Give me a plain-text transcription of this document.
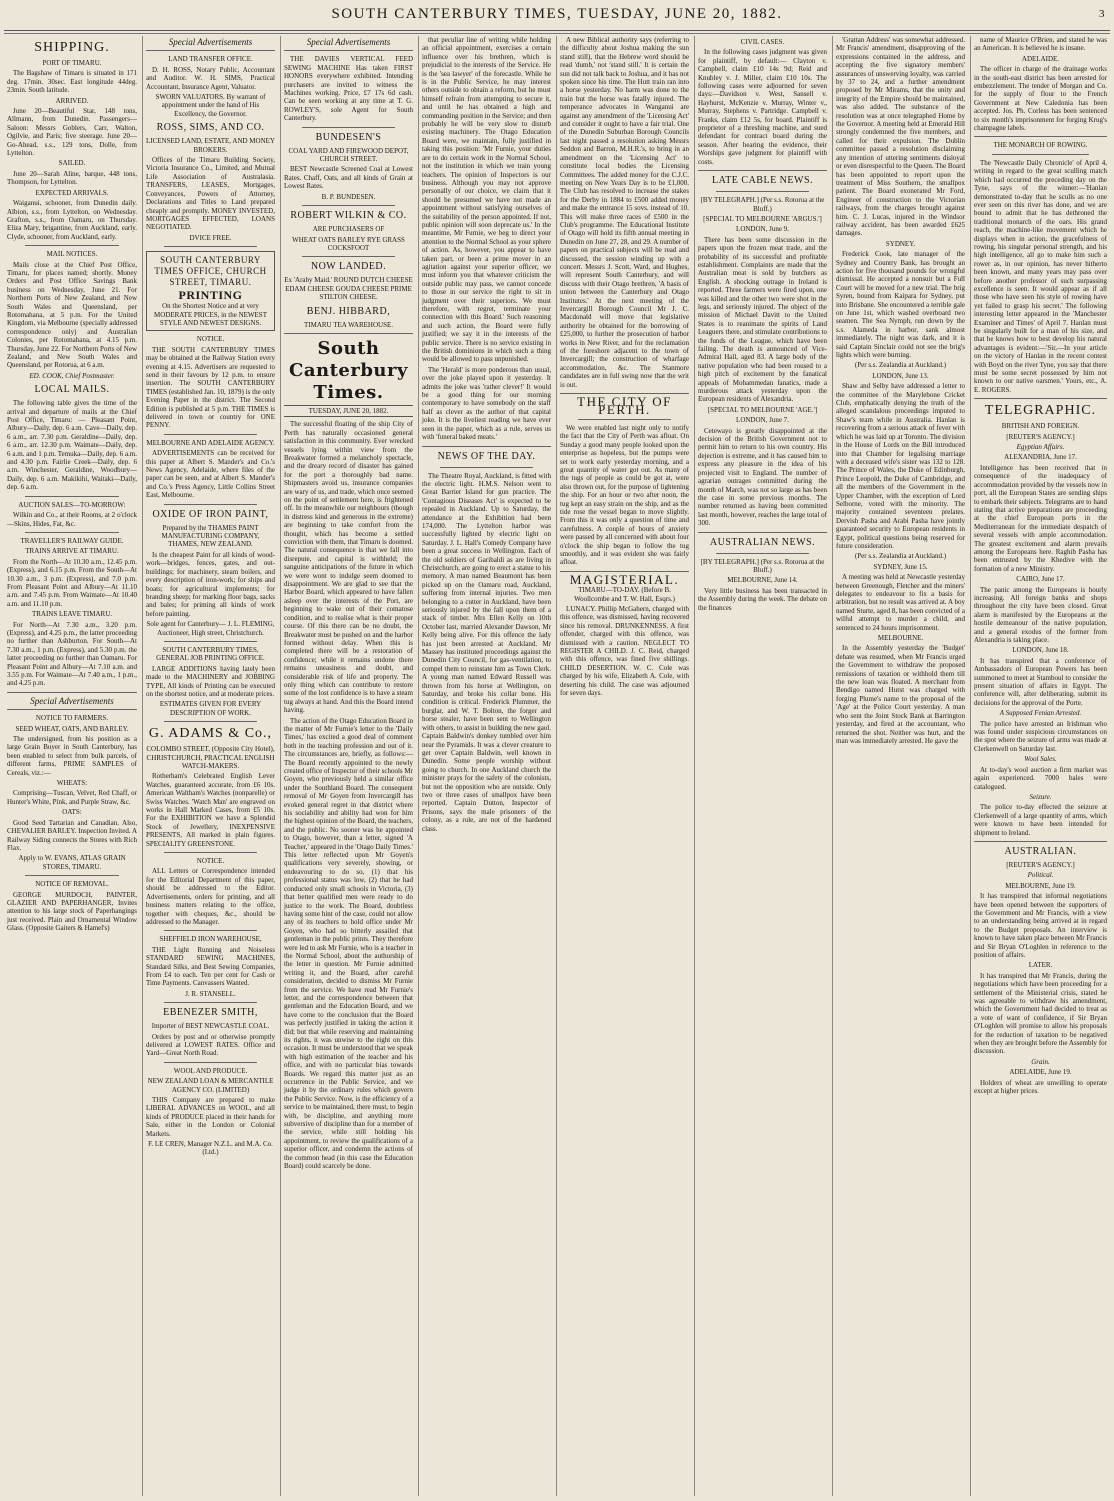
SOUTH CANTERBURY TIMES, TUESDAY, JUNE 20, 1882.	3
SHIPPING.
PORT OF TIMARU.

The Bagshaw of Timaru is situated in 171 deg. 17min. 30sec. East longitude 44deg. 23min. South latitude.

ARRIVED.

June 20—Beautiful Star, 148 tons, Allmann, from Dunedin. Passengers—Saloon: Messrs Goblers, Carr, Walton, Ogilvie, and Paris; five steerage. June 20—Go-Ahead, s.s., 129 tons, Dolle, from Lyttelton.

SAILED.

June 20—Sarah Aline, barque, 448 tons, Thompson, for Lyttelton.

EXPECTED ARRIVALS.

Waiganui, schooner, from Dunedin daily. Albion, s.s., from Lyttelton, on Wednesday. Grafton, s.s., from Oamaru, on Thursday. Eliza Mary, brigantine, from Auckland, early. Clyde, schooner, from Auckland, early.

MAIL NOTICES.

Mails close at the Chief Post Office, Timaru, for places named; shortly. Money Orders and Post Office Savings Bank business on Wednesday, June 21. For Northern Ports of New Zealand, and New South Wales and Queensland, per Rotomahana, at 5 p.m. For the United Kingdom, via Melbourne (specially addressed correspondence only) and Australian Colonies, per Rotomahana, at 4.15 p.m. Thursday, June 22. For Northern Ports of New Zealand, and New South Wales and Queensland, per Rotorua, at 6 a.m.

ED. COOK, Chief Postmaster.
LOCAL MAILS.

The following table gives the time of the arrival and departure of mails at the Chief Post Office, Timaru: — Pleasant Point, Albury—Daily, dep. 6 a.m. Cave—Daily, dep. 6 a.m., arr. 7.30 p.m. Geraldine—Daily, dep. 6 a.m., arr. 12.30 p.m. Waimate—Daily, dep. 6 a.m. and 1 p.m. Temuka—Daily, dep. 6 a.m. and 4.30 p.m. Fairlie Creek—Daily, dep. 6 a.m. Winchester, Geraldine, Woodbury—Daily, dep. 6 a.m. Makikihi, Waitaki—Daily, dep. 6 a.m.

AUCTION SALES—TO-MORROW:

Wilkin and Co., at their Rooms, at 2 o'clock—Skins, Hides, Fat, &c.

TRAVELLER'S RAILWAY GUIDE.
TRAINS ARRIVE AT TIMARU.

From the North—At 10.30 a.m., 12.45 p.m. (Express), and 6.15 p.m. From the South—At 10.30 a.m., 3 p.m. (Express), and 7.0 p.m. From Pleasant Point and Albury—At 11.10 a.m. and 7.45 p.m. From Waimate—At 10.40 a.m. and 11.10 p.m.

TRAINS LEAVE TIMARU.

For North—At 7.30 a.m., 3.20 p.m. (Express), and 4.25 p.m., the latter proceeding no further than Ashburton. For South—At 7.30 a.m., 1 p.m. (Express), and 5.30 p.m. the latter proceeding no further than Oamaru. For Pleasant Point and Albury—At 7.10 a.m. and 3.55 p.m. For Waimate—At 7.40 a.m., 1 p.m., and 4.25 p.m.

Special Advertisements
NOTICE TO FARMERS.
SEED WHEAT, OATS, AND BARLEY.

The undersigned, from his position as a large Grain Buyer in South Canterbury, has been enabled to select from bulk parcels, of different farms, PRIME SAMPLES of Cereals, viz.:—

WHEATS:

Comprising—Tuscan, Velvet, Red Chaff, or Hunter's White, Pink, and Purple Straw, &c.

OATS:

Good Seed Tartarian and Canadian. Also, CHEVALIER BARLEY. Inspection Invited. A Railway Siding connects the Stores with Rich Flax.

Apply to W. EVANS, ATLAS GRAIN STORES, TIMARU.
NOTICE OF REMOVAL.

GEORGE MURDOCH, PAINTER, GLAZIER AND PAPERHANGER, Invites attention to his large stock of Paperhangings just received. Plain and Ornamental Window Glass. (Opposite Gaiters & Hamel's)

Special Advertisements
LAND TRANSFER OFFICE.

D. H. ROSS, Notary Public, Accountant and Auditor. W. H. SIMS, Practical Accountant, Insurance Agent, Valuator.

SWORN VALUATORS. By warrant of appointment under the hand of His Excellency, the Governor.
ROSS, SIMS, AND CO.
LICENSED LAND, ESTATE, AND MONEY BROKERS.

Offices of the Timaru Building Society, Victoria Insurance Co., Limited, and Mutual Life Association of Australasia. TRANSFERS, LEASES, Mortgages, Conveyances, Powers of Attorney, Declarations and Titles to Land prepared cheaply and promptly. MONEY INVESTED, MORTGAGES EFFECTED, LOANS NEGOTIATED.

DVICE FREE.
SOUTH CANTERBURY TIMES OFFICE, CHURCH STREET, TIMARU.
PRINTING
On the Shortest Notice and at very MODERATE PRICES, in the NEWEST STYLE AND NEWEST DESIGNS.
NOTICE.

THE SOUTH CANTERBURY TIMES may be obtained at the Railway Station every evening at 4.15. Advertisers are requested to send in their favours by 12 p.m. to ensure insertion. The SOUTH CANTERBURY TIMES (established Jan. 10, 1879) is the only Evening Paper in the district. The Second Edition is published at 5 p.m. THE TIMES is delivered in town or country for ONE PENNY.

MELBOURNE AND ADELAIDE AGENCY.

ADVERTISEMENTS can be received for this paper at Albert S. Mander's and Co.'s News Agency, Adelaide, where files of the paper can be seen, and at Albert S. Mander's and Co.'s Press Agency, Little Collins Street East, Melbourne.

OXIDE OF IRON PAINT,
Prepared by the THAMES PAINT MANUFACTURING COMPANY, THAMES, NEW ZEALAND.

Is the cheapest Paint for all kinds of wood-work—bridges, fences, gates, and out-buildings; for machinery, steam boilers, and every description of iron-work; for ships and boats; for agricultural implements; for branding sheep; for marking floor bags, sacks and bales; for priming all kinds of work before painting.

Sole agent for Canterbury— J. L. FLEMING, Auctioneer, High street, Christchurch.
SOUTH CANTERBURY TIMES, GENERAL JOB PRINTING OFFICE.

LARGE ADDITIONS having lately been made to the MACHINERY and JOBBING TYPE, All kinds of Printing can be executed on the shortest notice, and at moderate prices.

ESTIMATES GIVEN FOR EVERY DESCRIPTION OF WORK.
G. ADAMS & Co.,
COLOMBO STREET, (Opposite City Hotel), CHRISTCHURCH, PRACTICAL ENGLISH WATCH-MAKERS.

Rotherham's Celebrated English Lever Watches, guaranteed accurate, from £6 10s. American Waltham's Watches (nonparelle) or Swiss Watches. 'Watch Man' are engraved on works in Hall Marked Cases, from £5 10s. For the EXHIBITION we have a Splendid Stock of Jewellery, INEXPENSIVE PRESENTS, All marked in plain figures. SPECIALITY GREENSTONE.

NOTICE.

ALL Letters or Correspondence intended for the Editorial Department of this paper, should be addressed to the Editor. Advertisements, orders for printing, and all business matters relating to the office, together with cheques, &c., should be addressed to the Manager.

SHEFFIELD IRON WAREHOUSE,

THE Light Running and Noiseless STANDARD SEWING MACHINES, Standard Silks, and Best Sewing Companies, From £4 to each. Ten per cent for Cash or Time Payments. Canvassers Wanted.

J. R. STANSELL.
EBENEZER SMITH,
Importer of BEST NEWCASTLE COAL.

Orders by post and or otherwise promptly delivered at LOWEST RATES. Office and Yard—Great North Road.

WOOL AND PRODUCE.
NEW ZEALAND LOAN & MERCANTILE AGENCY CO. (LIMITED)

THIS Company are prepared to make LIBERAL ADVANCES on WOOL, and all kinds of PRODUCE placed in their hands for Sale, either in the London or Colonial Markets.

F. LE CREN, Manager N.Z.L. and M.A. Co. (Ltd.)
Special Advertisements

THE DAVIES VERTICAL FEED SEWING MACHINE Has taken FIRST HONORS everywhere exhibited. Intending purchasers are invited to witness the Machines working. Price, £7 17s 6d cash. Can be seen working at any time at T. G. ROWLEY'S, sole Agent for South Canterbury.

BUNDESEN'S
COAL YARD AND FIREWOOD DEPOT, CHURCH STREET.

BEST Newcastle Screened Coal at Lowest Rates. Chaff, Oats, and all kinds of Grain at Lowest Rates.

B. P. BUNDESEN.
ROBERT WILKIN & CO.
ARE PURCHASERS OF
WHEAT OATS BARLEY RYE GRASS COCKSFOOT
NOW LANDED.
Ex 'Araby Maid.' ROUND DUTCH CHEESE EDAM CHEESE GOUDA CHEESE PRIME STILTON CHEESE.
BENJ. HIBBARD,
TIMARU TEA WAREHOUSE.
South Canterbury Times.
TUESDAY, JUNE 20, 1882.

The successful floating of the ship City of Perth has naturally occasioned general satisfaction in this community. Ever wrecked vessels lying within view from the Breakwater formed a melancholy spectacle, and the dreary record of disaster has gained for the port a thoroughly bad name. Shipmasters avoid us, insurance companies are wary of us, and trade, which once seemed on the point of settlement here, is frightened off. In the meanwhile our neighbours (though in distress kind and generous in the extreme) are beginning to take comfort from the thought, which has become a settled conviction with them, that Timaru is doomed. The natural consequence is that we fall into disrepute, and capital is withheld; the sanguine anticipations of the future in which we were wont to indulge seem doomed to disappointment. We are glad to see that the Harbor Board, which appeared to have fallen asleep over the interests of the Port, are beginning to wake out of their comatose condition, and to realise what is their proper course. Of this there can be no doubt, the Breakwater must be pushed on and the harbor formed without delay. When this is completed there will be a restoration of confidence; while it remains undone there remains uneasiness and doubt, and considerable risk of life and property. The only thing which can contribute to restore some of the lost confidence is to have a steam tug always at hand. And this the Board intend having.

The action of the Otago Education Board in the matter of Mr Furnie's letter to the 'Daily Times,' has excited a good deal of comment both in the teaching profession and out of it. The circumstances are, briefly, as follows:—The Board recently appointed to the newly created office of Inspector of their schools Mr Goyen, who previously held a similar office under the Southland Board. The consequent removal of Mr Goyen from Invercargill has evoked general regret in that district where his sociability and ability had won for him the highest opinion of the Board, the teachers, and the public. No sooner was he appointed to Otago, however, than a letter, signed 'A Teacher,' appeared in the 'Otago Daily Times.' This letter reflected upon Mr Goyen's qualifications very severely, showing, or endeavouring to do so, (1) that his professional status was low, (2) that he had conducted only small schools in Victoria, (3) that better qualified men were ready to do justice to the work. The Board, doubtless having some hint of the case, could not allow any of its teachers to hold office under Mr Goyen, who had so bitterly assailed that gentleman in the public prints. They therefore were led to ask Mr Furnie, who is a teacher in the Normal School, about the authorship of the letter in question. Mr Furnie admitted writing it, and the Board, after careful consideration, decided to dismiss Mr Furnie from the service. We have read Mr Furnie's letter, and the correspondence between that gentleman and the Education Board, and we have come to the conclusion that the Board was perfectly justified in taking the action it did; but that while reserving and maintaining its rights, it was unwise to the right on this occasion. It must be understood that we speak with high estimation of the teacher and his office, and with no particular bias towards Boards. We regard this matter just as an occurrence in the Public Service, and we judge it by the ordinary rules which govern the Public Service. Now, is the efficiency of a service to be maintained, there must, to begin with, be discipline, and anything more subversive of discipline than for a member of the service, while still holding his appointment, to review the qualifications of a superior officer, and condemn the actions of the common head (in this case the Education Board) could scarcely be done.

that peculiar line of writing while holding an official appointment, exercises a certain influence over his brethren, which is prejudicial to the interests of the Service. He is the 'sea lawyer' of the forecastle. While he is in the Public Service, he may interest others outside to obtain a reform, but he must himself refrain from attempting to secure it, and until he has obtained a high and commanding position in the Service; and then probably he will be very slow to disturb existing machinery. The Otago Education Board were, we maintain, fully justified in taking this position: 'Mr Furnie, your duties are to do certain work in the Normal School, not the institution in which we train young teachers. The opinion of Inspectors is our business. Although you may not approve personally of our choice, we claim that it should be presumed we have not made an appointment without satisfying ourselves of the suitability of the person appointed. If not, public opinion will soon deprecate us.' In the meantime, Mr Furnie, we beg to direct your attention to the Normal School as your sphere of action. As, however, you appear to have taken part, or been a prime mover in an agitation against your superior officer, we must inform you that whatever criticism the outside public may pass, we cannot concede to those in our service the right to sit in judgment over their superiors. We must therefore, with regret, terminate your connection with this Board.' Such reasoning and such action, the Board were fully justified; we say it in the interests of the public service. There is no service existing in the British dominions in which such a thing would be allowed to pass unpunished.

The 'Herald' is more ponderous than usual, over the joke played upon it yesterday. It admits the joke was 'rather clever!' It would be a good thing for our morning contemporary to have somebody on the staff half as clever as the author of that capital joke. It is the liveliest reading we have ever seen in the paper, which as a rule, serves us with 'funeral baked meats.'

NEWS OF THE DAY.

The Theatre Royal, Auckland, is fitted with the electric light. H.M.S. Nelson went to Great Barrier Island for gun practice. The 'Contagious Diseases Act' is expected to be repealed in Auckland. Up to Saturday, the attendance at the Exhibition had been 174,000. The Lyttelton harbor was successfully lighted by electric light on Saturday. J. L. Hall's Comedy Company have been a great success in Wellington. Each of the old soldiers of Garibaldi as are living in Christchurch, are going to erect a statue to his memory. A man named Beaumont has been picked up on the Oamaru road, Auckland, suffering from internal injuries. Two men belonging to a cutter in Auckland, have been seriously injured by the fall upon them of a stack of timber. Mrs Ellen Kelly on 10th October last, married Alexander Dawson, Mr Kelly being alive. For this offence the lady has just been arrested at Auckland. Mr Massey has instituted proceedings against the Dunedin City Council, for gas-ventilation, to compel them to reinstate him as Town Clerk. A young man named Edward Russell was thrown from his horse at Wellington, on Saturday, and broke his collar bone. His condition is critical. Frederick Plummer, the burglar, and W. T. Bolton, the forger and horse stealer, have been sent to Wellington with others, to assist in building the new gaol. Captain Baldwin's donkey tumbled over him near the Pyramids. It was a clever creature to get over Captain Baldwin, well known in Dunedin. Some people worship without going to church. In one Auckland church the minister prays for the safety of the colonists, but not the opposition who are outside. Only two or three cases of smallpox have been reported. Captain Dutton, Inspector of Prisons, says the male prisoners of the colony, as a rule, are not of the hardened class.

A new Biblical authority says (referring to the difficulty about Joshua making the sun stand still), that the Hebrew word should be read 'dumb,' not 'stand still.' It is certain the sun did not talk back to Joshua, and it has not spoken since his time. The Hutt train ran into a horse yesterday. No harm was done to the train but the horse was fatally injured. The temperance advocates in Wanganui are against any amendment of the 'Licensing Act' and consider it ought to have a fair trial. One of the Dunedin Suburban Borough Councils last night passed a resolution asking Messrs Seddon and Barron, M.H.R.'s, to bring in an amendment on the 'Licensing Act' to constitute local bodies the Licensing Committees. The added money for the C.J.C. meeting on New Years Day is to be £1,000. The Club has resolved to increase the stakes for the Derby in 1884 to £500 added money and make the entrance 15 sovs. instead of 10. This will make three races of £500 in the Club's programme. The Educational Institute of Otago will hold its fifth annual meeting in Dunedin on June 27, 28, and 29. A number of papers on practical subjects will be read and discussed, the session winding up with a concert. Messrs J. Scott, Ward, and Hughes, will represent South Canterbury, and will discuss with their Otago brethren, 'A basis of union between the Canterbury and Otago Institutes.' At the next meeting of the Invercargill Borough Council Mr J. C. Macdonald will move that legislative authority be obtained for the borrowing of £25,000, to further the prosecution of harbor works in New River, and for the reclamation of the foreshore adjacent to the town of Invercargill; the construction of wharfage accommodation, &c. The Stanmore candidates are in full swing now that the writ is out.

THE CITY OF PERTH.

We were enabled last night only to notify the fact that the City of Perth was afloat. On Sunday a good many people looked upon the enterprise as hopeless, but the pumps were set to work early yesterday morning, and a great quantity of water got out. As many of the tugs of people as could be got at, were also thrown out, for the purpose of lightening the ship. For an hour or two after noon, the tug kept an easy strain on the ship, and as the tide rose the vessel began to move slightly. From this it was only a question of time and carefulness. A couple of hours of anxiety were passed by all concerned with about four o'clock the ship began to follow the tug smoothly, and it was evident she was fairly afloat.

MAGISTERIAL.
TIMARU—TO-DAY. (Before B. Woollcombe and T. W. Hall, Esqrs.)

LUNACY. Phillip McGahern, charged with this offence, was dismissed, having recovered since his removal. DRUNKENNESS. A first offender, charged with this offence, was dismissed with a caution. NEGLECT TO REGISTER A CHILD. J. C. Reid, charged with this offence, was fined five shillings. CHILD DESERTION. W. C. Cole was charged by his wife, Elizabeth A. Cole, with deserting his child. The case was adjourned for seven days.

CIVIL CASES.

In the following cases judgment was given for plaintiff, by default:— Clayton v. Campbell, claim £10 14s 9d; Reid and Knubley v. J. Miller, claim £10 10s. The following cases were adjourned for seven days:—Davidson v. West, Sansell v. Hayhurst, McKenzie v. Murray, Winter v., Murray, Stephens v. Partridge. Campbell v. Franks, claim £12 5s, for board. Plaintiff is proprietor of a threshing machine, and sued defendant for contract board during the season. After hearing the evidence, their Worships gave judgment for plaintiff with costs.

LATE CABLE NEWS.
[BY TELEGRAPH.] (Per s.s. Rotorua at the Bluff.)
[SPECIAL TO MELBOURNE 'ARGUS.']
LONDON, June 9.

There has been some discussion in the papers upon the frozen meat trade, and the probability of its successful and profitable establishment. Complaints are made that the Australian meat is sold by butchers as English. A shocking outrage in Ireland is reported. Three farmers were fired upon, one was killed and the other two were shot in the legs, and seriously injured. The object of the mission of Michael Davitt to the United States is to reanimate the spirits of Land Leaguers there, and stimulate contributions to the funds of the League, which have been failing. The death is announced of Vice-Admiral Hall, aged 83. A large body of the native population who had been roused to a high pitch of excitement by the fanatical appeals of Mohammedan fanatics, made a murderous attack yesterday upon the European residents of Alexandria.

[SPECIAL TO MELBOURNE 'AGE.']
LONDON, June 7.

Cetewayo is greatly disappointed at the decision of the British Government not to permit him to return to his own country. His dejection is extreme, and it has caused him to express any pleasure in the idea of his projected visit to England. The number of agrarian outrages committed during the month of March, was not so large as has been the case in some previous months. The number returned as having been committed last month, however, reaches the large total of 300.

AUSTRALIAN NEWS.
[BY TELEGRAPH.] (Per s.s. Rotorua at the Bluff.)
MELBOURNE, June 14.

Very little business has been transacted in the Assembly during the week. The debate on the finances

'Grattan Address' was somewhat addressed. Mr Francis' amendment, disapproving of the expressions contained in the address, and accepting the five signatory members' assurances of unswerving loyalty, was carried by 37 to 24, and a further amendment proposed by Mr Mirams, that the unity and integrity of the Empire should be maintained, was also added. The substance of the resolution was at once telegraphed Home by the Governor. A meeting held at Emerald Hill strongly condemned the five members, and called for their expulsion. The Dublin committee passed a resolution disclaiming any intention of uttering sentiments disloyal or even disrespectful to the Queen. The Board has been appointed to report upon the treatment of Miss Southern, the smallpox patient. The Board exonerated Mr Ford, Engineer of construction to the Victorian railways, from the charges brought against him. C. J. Lucas, injured in the Windsor railway accident, has been awarded £625 damages.

SYDNEY.

Frederick Cook, late manager of the Sydney and Country Bank, has brought an action for five thousand pounds for wrongful dismissal. He accepted a nonsuit but a Full Court will be moved for a new trial. The brig Syren, bound from Kaipara for Sydney, put into Brisbane. She encountered a terrible gale on June 1st, which washed overboard two seamen. The Sea Nymph, run down by the s.s. Alameda in harbor, sank almost immediately. The night was dark, and it is said Captain Sinclair could not see the brig's lights which were burning.

(Per s.s. Zealandia at Auckland.)
LONDON, June 13.

Shaw and Selby have addressed a letter to the committee of the Marylebone Cricket Club, emphatically denying the truth of the alleged scandalous proceedings imputed to Shaw's team while in Australia. Hanlan is recovering from a serious attack of fever with which he was laid up at Toronto. The division in the House of Lords on the Bill introduced into that Chamber for legalising marriage with a deceased wife's sister was 132 to 128. The Prince of Wales, the Duke of Edinburgh, Prince Leopold, the Duke of Cambridge, and all the members of the Government in the Upper Chamber, with the exception of Lord Selborne, voted with the minority. The majority contained seventeen prelates. Dervish Pasha and Arabi Pasha have jointly guaranteed security to European residents in Egypt, political questions being reserved for future consideration.

(Per s.s. Zealandia at Auckland.)
SYDNEY, June 15.

A meeting was held at Newcastle yesterday between Greenough, Fletcher and the miners' delegates to endeavour to fix a basis for arbitration, but no result was arrived at. A boy named Sturte, aged 8, has been convicted of a wilful attempt to murder a child, and sentenced to 24 hours imprisonment.

MELBOURNE.

In the Assembly yesterday the 'Budget' debate was resumed, when Mr Francis urged the Government to withdraw the proposed remissions of taxation or withhold them till the new loan was floated. A merchant from Bendigo named Hurst was charged with forging Plume's name to the proposal of the 'Age' at the Police Court yesterday. A man who sent the Joint Stock Bank at Barrington yesterday, and fired at the accountant, who returned the shot. Neither was hurt, and the man was immediately arrested. He gave the

name of Maurice O'Brien, and stated he was an American. It is believed he is insane.

ADELAIDE.

The officer in charge of the drainage works in the south-east district has been arrested for embezzlement. The tender of Morgan and Co. for the supply of flour to the French Government at New Caledonia has been accepted. Jos. Ph. Corless has been sentenced to six month's imprisonment for forging Krug's champagne labels.

THE MONARCH OF ROWING.

The 'Newcastle Daily Chronicle' of April 4, writing in regard to the great sculling match which had occurred the preceding day on the Tyne, says of the winner:—'Hanlan demonstrated to-day that he sculls as no one ever seen on this river has done, and we are bound to admit that he has dethroned the traditional monarch of the oars. His grand reach, the machine-like movement which he displays when in action, the gracefulness of rowing, his singular personal strength, and his high intelligence, all go to make him such a rower as, in our opinion, has never hitherto been known, and many years may pass over before another professor of such surpassing excellence is seen. It would appear as if all those who have seen his style of rowing have yet failed to grasp his secret.' The following interesting letter appeared in the 'Manchester Examiner and Times' of April 7. Hanlan must be singularly built for a man of his size, and that he knows how to best develop his natural advantages is evident:—'Sir,—In your article on the victory of Hanlan in the recent contest with Boyd on the river Tyne, you say that there must be some secret possessed by him not known to our native oarsmen.' Yours, etc., A. E. ROGERS.

TELEGRAPHIC.
BRITISH AND FOREIGN.
[REUTER'S AGENCY.]
Egyptian Affairs.
ALEXANDRIA, June 17.

Intelligence has been received that in consequence of the inadequacy of accommodation provided by the vessels now in port, all the European States are sending ships to embark their subjects. Telegrams are to hand stating that active preparations are proceeding at the chief European ports in the Mediterranean for the immediate despatch of several vessels with ample accommodation. The greatest excitement and alarm prevails among the Europeans here. Raghib Pasha has been entrusted by the Khedive with the formation of a new Ministry.

CAIRO, June 17.

The panic among the Europeans is hourly increasing. All foreign banks and shops throughout the city have been closed. Great alarm is manifested by the Europeans at the hostile demeanour of the native population, and a general exodus of the former from Alexandria is taking place.

LONDON, June 18.

It has transpired that a conference of Ambassadors of European Powers has been summoned to meet at Stamboul to consider the present situation of affairs in Egypt. The conference will, after deliberating, submit its decisions for the approval of the Porte.

A Supposed Fenian Arrested.

The police have arrested an Irishman who was found under suspicious circumstances on the spot where the seizure of arms was made at Clerkenwell on Saturday last.

Wool Sales.

At to-day's wool auction a firm market was again experienced. 7000 bales were catalogued.

Seizure.

The police to-day effected the seizure at Clerkenwell of a large quantity of arms, which were known to have been intended for shipment to Ireland.

AUSTRALIAN.
[REUTER'S AGENCY.]
Political.
MELBOURNE, June 19.

It has transpired that informal negotiations have been opened between the supporters of the Government and Mr Francis, with a view to an understanding being arrived at in regard to the Budget proposals. An interview is known to have taken place between Mr Francis and Sir Bryan O'Loghlen in reference to the position of affairs.

LATER.

It has transpired that Mr Francis, during the negotiations which have been proceeding for a settlement of the Ministerial crisis, stated he was agreeable to withdraw his amendment, which the Government had decided to treat as a vote of want of confidence, if Sir Bryan O'Loghlen will promise to allow his proposals for the reduction of taxation to be negatived when they are brought before the Assembly for discussion.

Grain.
ADELAIDE, June 19.

Holders of wheat are unwilling to operate except at higher prices.
